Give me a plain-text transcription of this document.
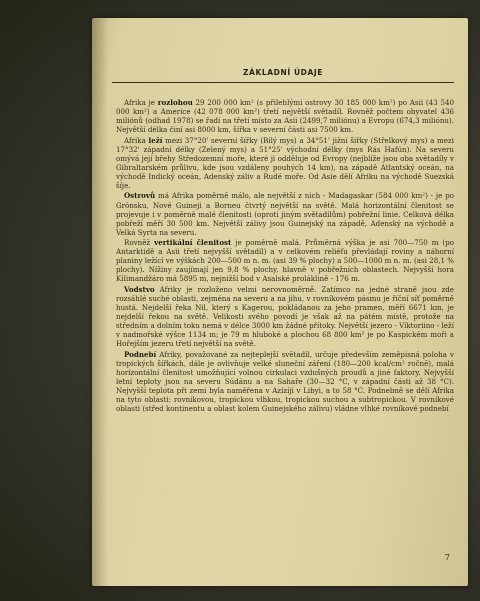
ZÁKLADNÍ ÚDAJE

Afrika je rozlohou 29 200 000 km² (s přilehlými ostrovy 30 185 000 km²) po Asii (43 540 000 km²) a Americe (42 078 000 km²) třetí největší světadíl. Rovněž počtem obyvatel 436 miliónů (odhad 1978) se řadí na třetí místo za Asii (2499,7 miliónu) a Evropu (674,3 miliónu). Největší délka činí asi 8000 km, šířka v severní části asi 7500 km.

Afrika leží mezi 37°20' severní šířky (Bílý mys) a 34°51' jižní šířky (Střelkový mys) a mezi 17°32' západní délky (Zelený mys) a 51°25' východní délky (mys Rás Hafún). Na severu omývá její břehy Středozemní moře, které ji odděluje od Evropy (nejblíže jsou oba světadíly v Gibraltarském průlivu, kde jsou vzdáleny pouhých 14 km), na západě Atlantský oceán, na východě Indický oceán, Adenský záliv a Rudé moře. Od Asie dělí Afriku na východě Suezská šíje.

Ostrovů má Afrika poměrně málo, ale největší z nich - Madagaskar (584 000 km²) - je po Grónsku, Nové Guineji a Borneu čtvrtý největší na světě. Malá horizontální členitost se projevuje i v poměrně malé členitosti (oproti jiným světadílům) pobřežní linie. Celková délka pobřeží měří 30 500 km. Největší zálivy jsou Guinejský na západě, Adenský na východě a Velká Syrta na severu.

Rovněž vertikální členitost je poměrně malá. Průměrná výška je asi 700—750 m (po Antarktidě a Asii třetí nejvyšší světadíl) a v celkovém reliéfu převládají roviny a náhorní planiny ležící ve výškách 200—500 m n. m. (asi 39 % plochy) a 500—1000 m n. m. (asi 28,1 % plochy). Nížiny zaujímají jen 9,8 % plochy, hlavně v pobřežních oblastech. Nejvyšší hora Kilimandžáro má 5895 m, nejnižší bod v Asalské proláklině - 176 m.

Vodstvo Afriky je rozloženo velmi nerovnoměrně. Zatímco na jedné straně jsou zde rozsáhlé suché oblasti, zejména na severu a na jihu, v rovníkovém pásmu je říční síť poměrně hustá. Nejdelší řeka Nil, který s Kagerou, pokládanou za jeho pramen, měří 6671 km, je nejdelší řekou na světě. Velikosti svého povodí je však až na pátém místě, protože na středním a dolním toku nemá v délce 3000 km žádné přítoky. Největší jezero - Viktoriino - leží v nadmořské výšce 1134 m; je 79 m hluboké a plochou 68 800 km² je po Kaspickém moři a Hořejším jezeru třetí největší na světě.

Podnebí Afriky, považované za nejteplejší světadíl, určuje především zeměpisná poloha v tropických šířkách, dále je ovlivňuje velké sluneční záření (180—200 kcal/cm² ročně), malá horizontální členitost umožňující volnou cirkulaci vzdušných proudů a jiné faktory. Nejvyšší letní teploty jsou na severu Súdánu a na Sahaře (30—32 °C, v západní části až 38 °C). Nejvyšší teplota při zemi byla naměřena v Azízíjí v Libyi, a to 58 °C. Podnebně se dělí Afrika na tyto oblasti: rovníkovou, tropickou vlhkou, tropickou suchou a subtropickou. V rovníkové oblasti (střed kontinentu a oblast kolem Guinejského zálivu) vládne vlhké rovníkové podnebí

7
